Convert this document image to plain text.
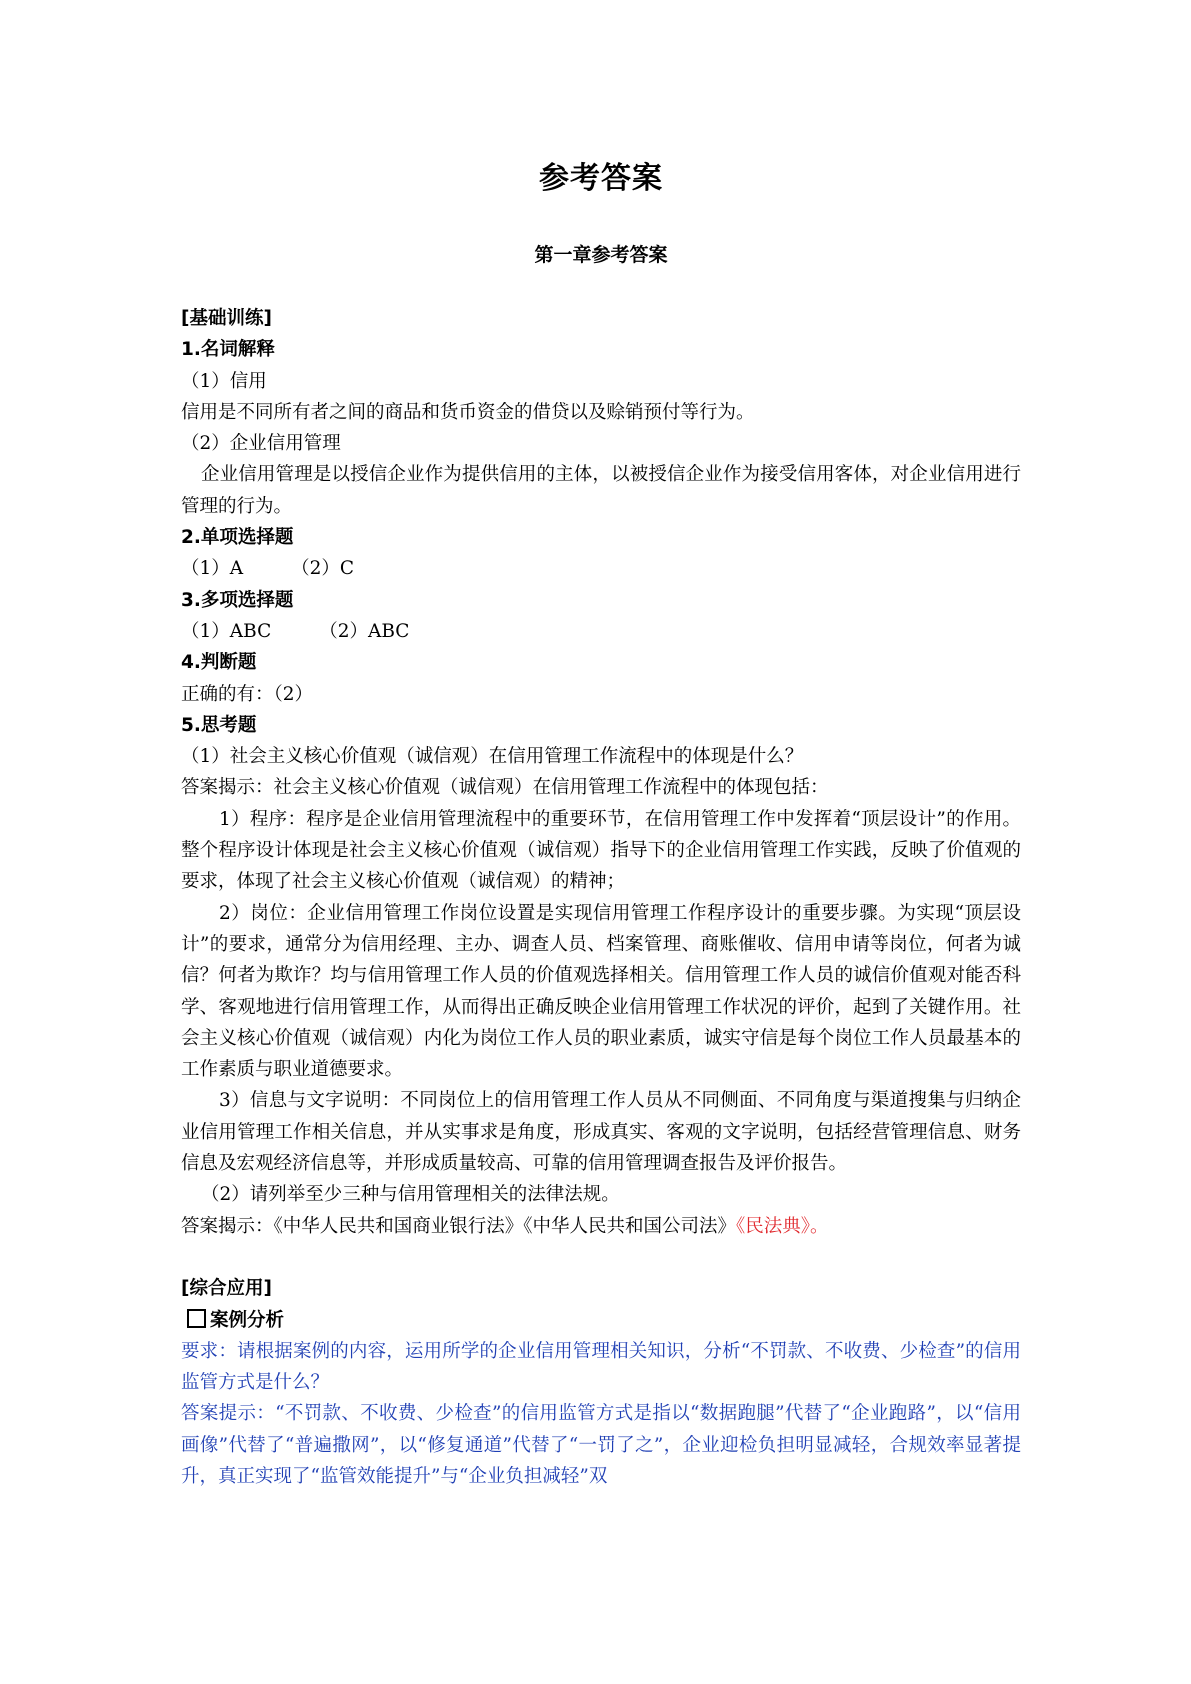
参考答案
第一章参考答案
[基础训练]
1.名词解释
（1）信用
信用是不同所有者之间的商品和货币资金的借贷以及赊销预付等行为。
（2）企业信用管理
企业信用管理是以授信企业作为提供信用的主体，以被授信企业作为接受信用客体，对企业信用进行管理的行为。
2.单项选择题
（1）A	（2）C
3.多项选择题
（1）ABC	（2）ABC
4.判断题
正确的有：（2）
5.思考题
（1）社会主义核心价值观（诚信观）在信用管理工作流程中的体现是什么？
答案揭示：社会主义核心价值观（诚信观）在信用管理工作流程中的体现包括：
1）程序：程序是企业信用管理流程中的重要环节，在信用管理工作中发挥着“顶层设计”的作用。整个程序设计体现是社会主义核心价值观（诚信观）指导下的企业信用管理工作实践，反映了价值观的要求，体现了社会主义核心价值观（诚信观）的精神；
2）岗位：企业信用管理工作岗位设置是实现信用管理工作程序设计的重要步骤。为实现“顶层设计”的要求，通常分为信用经理、主办、调查人员、档案管理、商账催收、信用申请等岗位，何者为诚信？何者为欺诈？均与信用管理工作人员的价值观选择相关。信用管理工作人员的诚信价值观对能否科学、客观地进行信用管理工作，从而得出正确反映企业信用管理工作状况的评价，起到了关键作用。社会主义核心价值观（诚信观）内化为岗位工作人员的职业素质，诚实守信是每个岗位工作人员最基本的工作素质与职业道德要求。
3）信息与文字说明：不同岗位上的信用管理工作人员从不同侧面、不同角度与渠道搜集与归纳企业信用管理工作相关信息，并从实事求是角度，形成真实、客观的文字说明，包括经营管理信息、财务信息及宏观经济信息等，并形成质量较高、可靠的信用管理调查报告及评价报告。
（2）请列举至少三种与信用管理相关的法律法规。
答案揭示：《中华人民共和国商业银行法》《中华人民共和国公司法》《民法典》。
[综合应用]
案例分析
要求：请根据案例的内容，运用所学的企业信用管理相关知识，分析“不罚款、不收费、少检查”的信用监管方式是什么？
答案提示：“不罚款、不收费、少检查”的信用监管方式是指以“数据跑腿”代替了“企业跑路”，以“信用画像”代替了“普遍撒网”，以“修复通道”代替了“一罚了之”，企业迎检负担明显减轻，合规效率显著提升，真正实现了“监管效能提升”与“企业负担减轻”双
